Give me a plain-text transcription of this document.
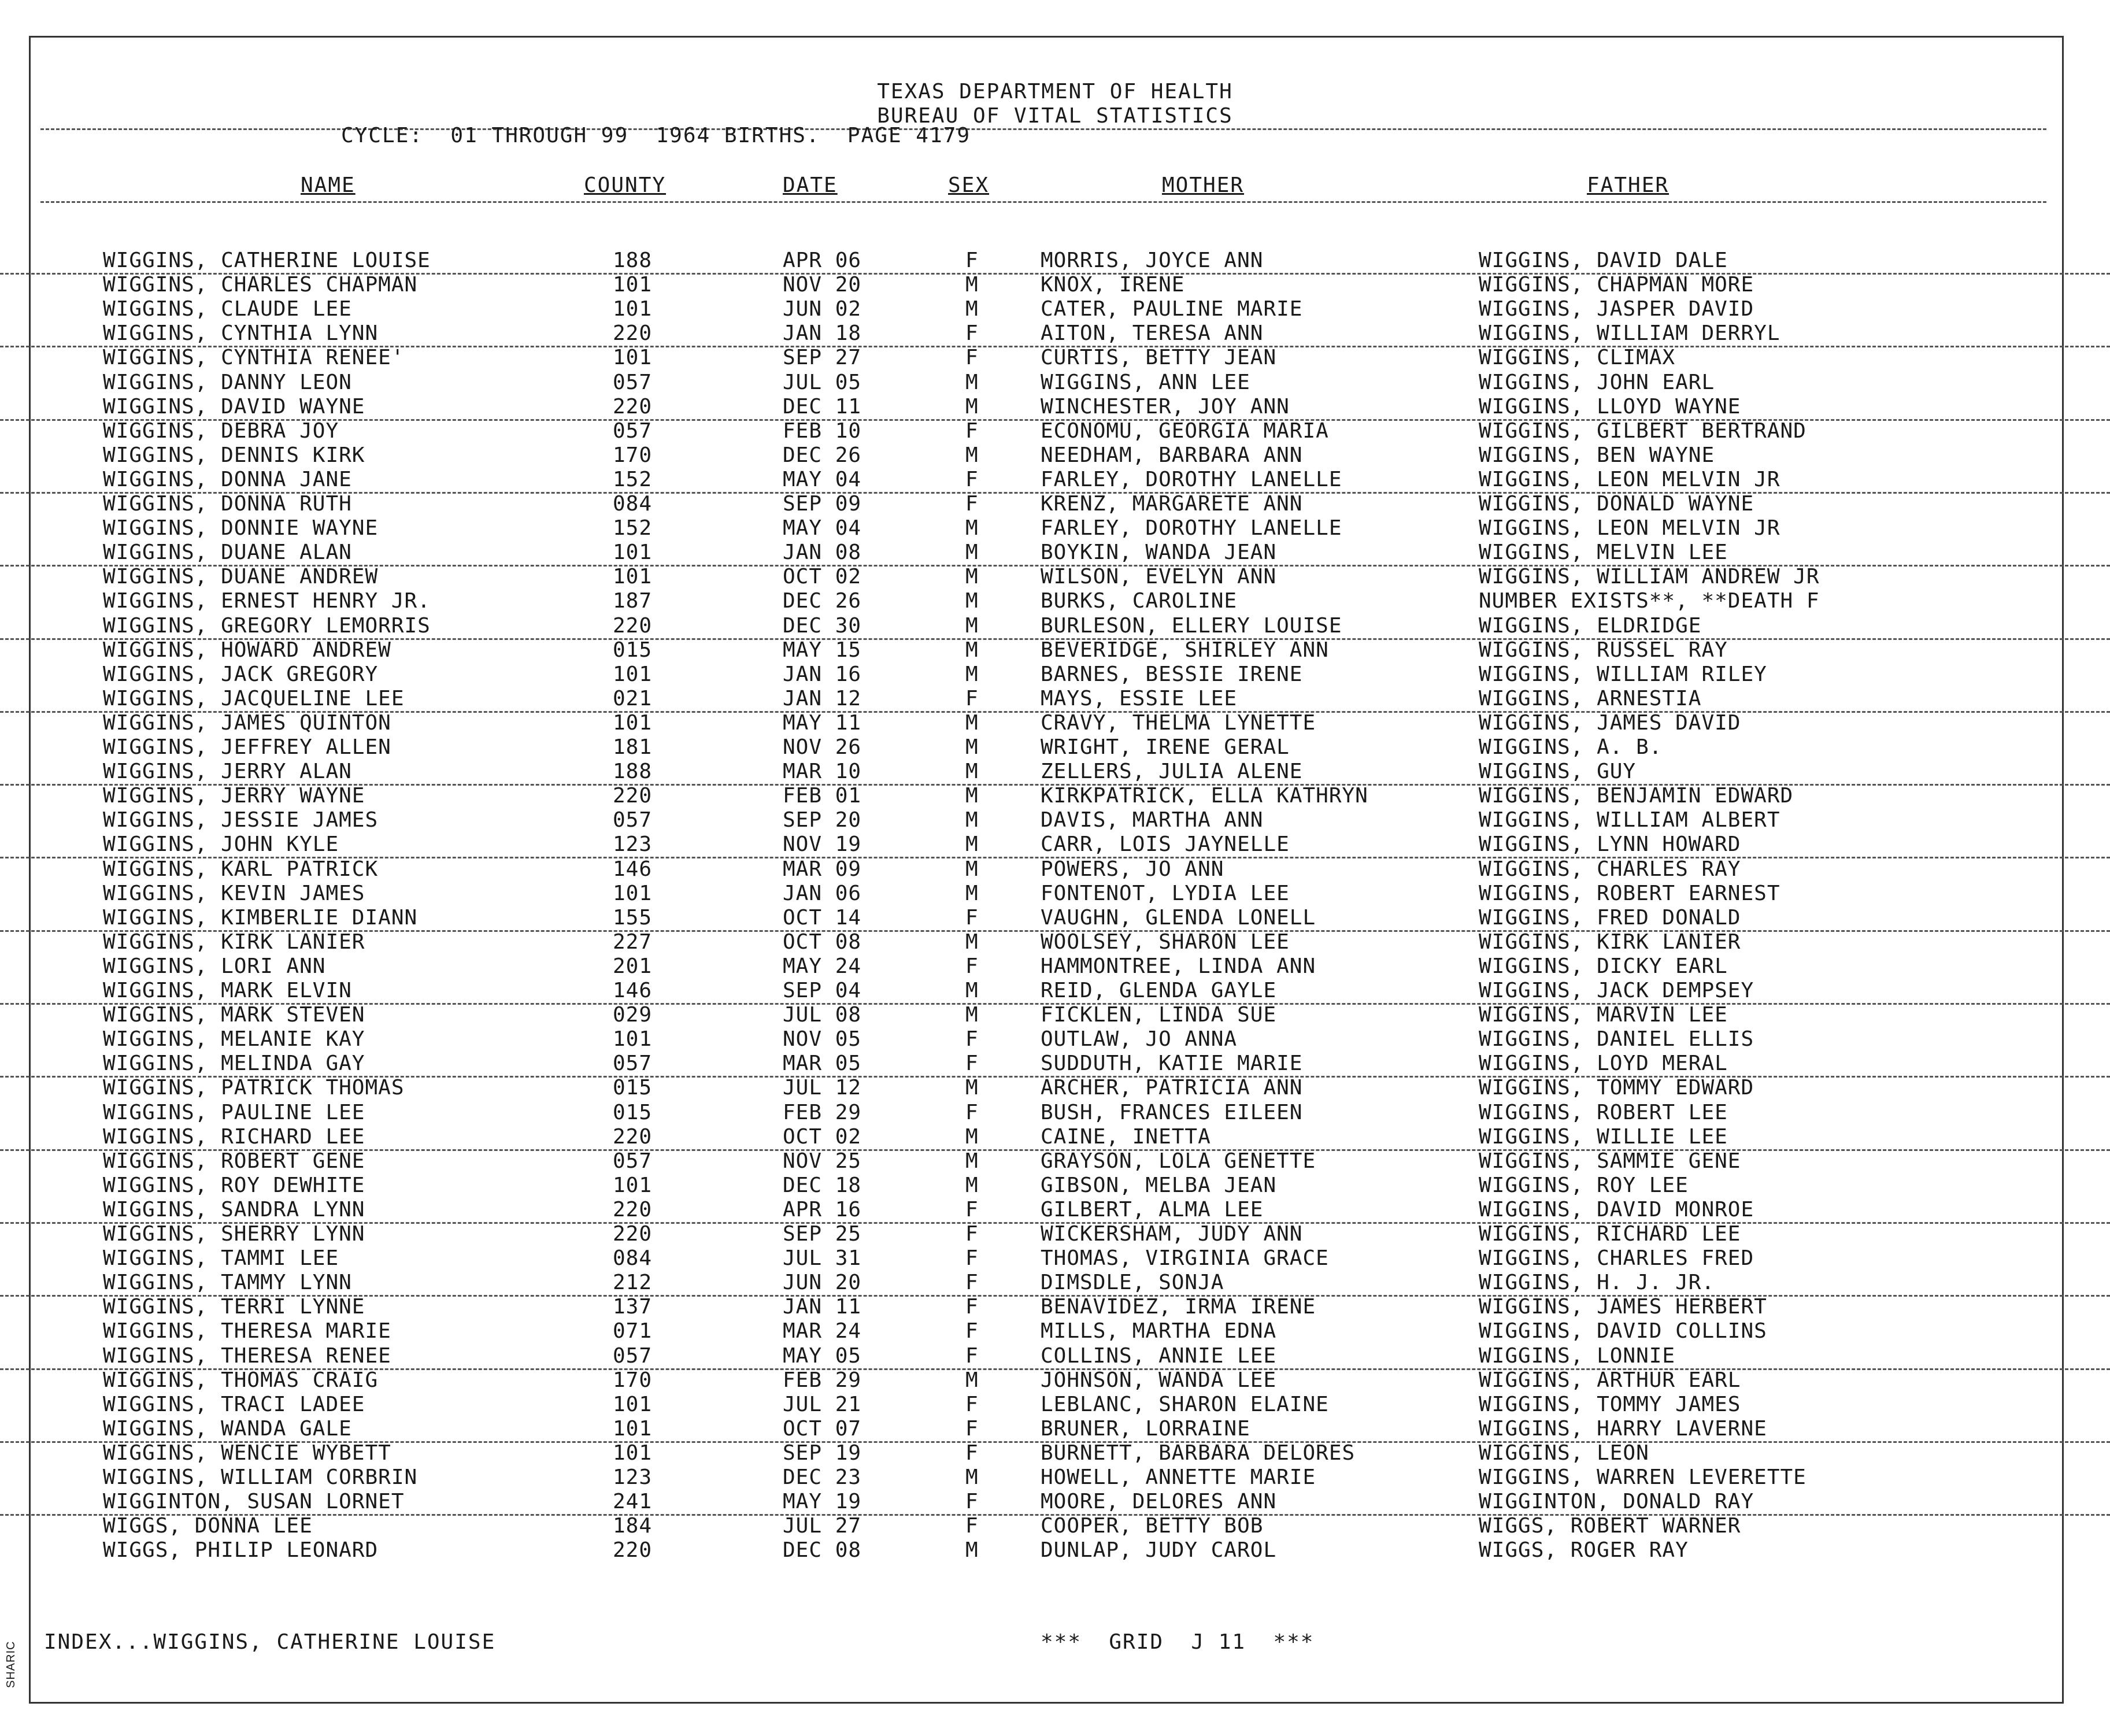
TEXAS DEPARTMENT OF HEALTH
BUREAU OF VITAL STATISTICS
CYCLE:  01 THROUGH 99  1964 BIRTHS.  PAGE 4179
NAME	COUNTY	DATE	SEX	MOTHER	FATHER
WIGGINS, CATHERINE LOUISE	188	APR 06	F	MORRIS, JOYCE ANN	WIGGINS, DAVID DALE
WIGGINS, CHARLES CHAPMAN	101	NOV 20	M	KNOX, IRENE	WIGGINS, CHAPMAN MORE
WIGGINS, CLAUDE LEE	101	JUN 02	M	CATER, PAULINE MARIE	WIGGINS, JASPER DAVID
WIGGINS, CYNTHIA LYNN	220	JAN 18	F	AITON, TERESA ANN	WIGGINS, WILLIAM DERRYL
WIGGINS, CYNTHIA RENEE'	101	SEP 27	F	CURTIS, BETTY JEAN	WIGGINS, CLIMAX
WIGGINS, DANNY LEON	057	JUL 05	M	WIGGINS, ANN LEE	WIGGINS, JOHN EARL
WIGGINS, DAVID WAYNE	220	DEC 11	M	WINCHESTER, JOY ANN	WIGGINS, LLOYD WAYNE
WIGGINS, DEBRA JOY	057	FEB 10	F	ECONOMU, GEORGIA MARIA	WIGGINS, GILBERT BERTRAND
WIGGINS, DENNIS KIRK	170	DEC 26	M	NEEDHAM, BARBARA ANN	WIGGINS, BEN WAYNE
WIGGINS, DONNA JANE	152	MAY 04	F	FARLEY, DOROTHY LANELLE	WIGGINS, LEON MELVIN JR
WIGGINS, DONNA RUTH	084	SEP 09	F	KRENZ, MARGARETE ANN	WIGGINS, DONALD WAYNE
WIGGINS, DONNIE WAYNE	152	MAY 04	M	FARLEY, DOROTHY LANELLE	WIGGINS, LEON MELVIN JR
WIGGINS, DUANE ALAN	101	JAN 08	M	BOYKIN, WANDA JEAN	WIGGINS, MELVIN LEE
WIGGINS, DUANE ANDREW	101	OCT 02	M	WILSON, EVELYN ANN	WIGGINS, WILLIAM ANDREW JR
WIGGINS, ERNEST HENRY JR.	187	DEC 26	M	BURKS, CAROLINE	NUMBER EXISTS**, **DEATH F
WIGGINS, GREGORY LEMORRIS	220	DEC 30	M	BURLESON, ELLERY LOUISE	WIGGINS, ELDRIDGE
WIGGINS, HOWARD ANDREW	015	MAY 15	M	BEVERIDGE, SHIRLEY ANN	WIGGINS, RUSSEL RAY
WIGGINS, JACK GREGORY	101	JAN 16	M	BARNES, BESSIE IRENE	WIGGINS, WILLIAM RILEY
WIGGINS, JACQUELINE LEE	021	JAN 12	F	MAYS, ESSIE LEE	WIGGINS, ARNESTIA
WIGGINS, JAMES QUINTON	101	MAY 11	M	CRAVY, THELMA LYNETTE	WIGGINS, JAMES DAVID
WIGGINS, JEFFREY ALLEN	181	NOV 26	M	WRIGHT, IRENE GERAL	WIGGINS, A. B.
WIGGINS, JERRY ALAN	188	MAR 10	M	ZELLERS, JULIA ALENE	WIGGINS, GUY
WIGGINS, JERRY WAYNE	220	FEB 01	M	KIRKPATRICK, ELLA KATHRYN	WIGGINS, BENJAMIN EDWARD
WIGGINS, JESSIE JAMES	057	SEP 20	M	DAVIS, MARTHA ANN	WIGGINS, WILLIAM ALBERT
WIGGINS, JOHN KYLE	123	NOV 19	M	CARR, LOIS JAYNELLE	WIGGINS, LYNN HOWARD
WIGGINS, KARL PATRICK	146	MAR 09	M	POWERS, JO ANN	WIGGINS, CHARLES RAY
WIGGINS, KEVIN JAMES	101	JAN 06	M	FONTENOT, LYDIA LEE	WIGGINS, ROBERT EARNEST
WIGGINS, KIMBERLIE DIANN	155	OCT 14	F	VAUGHN, GLENDA LONELL	WIGGINS, FRED DONALD
WIGGINS, KIRK LANIER	227	OCT 08	M	WOOLSEY, SHARON LEE	WIGGINS, KIRK LANIER
WIGGINS, LORI ANN	201	MAY 24	F	HAMMONTREE, LINDA ANN	WIGGINS, DICKY EARL
WIGGINS, MARK ELVIN	146	SEP 04	M	REID, GLENDA GAYLE	WIGGINS, JACK DEMPSEY
WIGGINS, MARK STEVEN	029	JUL 08	M	FICKLEN, LINDA SUE	WIGGINS, MARVIN LEE
WIGGINS, MELANIE KAY	101	NOV 05	F	OUTLAW, JO ANNA	WIGGINS, DANIEL ELLIS
WIGGINS, MELINDA GAY	057	MAR 05	F	SUDDUTH, KATIE MARIE	WIGGINS, LOYD MERAL
WIGGINS, PATRICK THOMAS	015	JUL 12	M	ARCHER, PATRICIA ANN	WIGGINS, TOMMY EDWARD
WIGGINS, PAULINE LEE	015	FEB 29	F	BUSH, FRANCES EILEEN	WIGGINS, ROBERT LEE
WIGGINS, RICHARD LEE	220	OCT 02	M	CAINE, INETTA	WIGGINS, WILLIE LEE
WIGGINS, ROBERT GENE	057	NOV 25	M	GRAYSON, LOLA GENETTE	WIGGINS, SAMMIE GENE
WIGGINS, ROY DEWHITE	101	DEC 18	M	GIBSON, MELBA JEAN	WIGGINS, ROY LEE
WIGGINS, SANDRA LYNN	220	APR 16	F	GILBERT, ALMA LEE	WIGGINS, DAVID MONROE
WIGGINS, SHERRY LYNN	220	SEP 25	F	WICKERSHAM, JUDY ANN	WIGGINS, RICHARD LEE
WIGGINS, TAMMI LEE	084	JUL 31	F	THOMAS, VIRGINIA GRACE	WIGGINS, CHARLES FRED
WIGGINS, TAMMY LYNN	212	JUN 20	F	DIMSDLE, SONJA	WIGGINS, H. J. JR.
WIGGINS, TERRI LYNNE	137	JAN 11	F	BENAVIDEZ, IRMA IRENE	WIGGINS, JAMES HERBERT
WIGGINS, THERESA MARIE	071	MAR 24	F	MILLS, MARTHA EDNA	WIGGINS, DAVID COLLINS
WIGGINS, THERESA RENEE	057	MAY 05	F	COLLINS, ANNIE LEE	WIGGINS, LONNIE
WIGGINS, THOMAS CRAIG	170	FEB 29	M	JOHNSON, WANDA LEE	WIGGINS, ARTHUR EARL
WIGGINS, TRACI LADEE	101	JUL 21	F	LEBLANC, SHARON ELAINE	WIGGINS, TOMMY JAMES
WIGGINS, WANDA GALE	101	OCT 07	F	BRUNER, LORRAINE	WIGGINS, HARRY LAVERNE
WIGGINS, WENCIE WYBETT	101	SEP 19	F	BURNETT, BARBARA DELORES	WIGGINS, LEON
WIGGINS, WILLIAM CORBRIN	123	DEC 23	M	HOWELL, ANNETTE MARIE	WIGGINS, WARREN LEVERETTE
WIGGINTON, SUSAN LORNET	241	MAY 19	F	MOORE, DELORES ANN	WIGGINTON, DONALD RAY
WIGGS, DONNA LEE	184	JUL 27	F	COOPER, BETTY BOB	WIGGS, ROBERT WARNER
WIGGS, PHILIP LEONARD	220	DEC 08	M	DUNLAP, JUDY CAROL	WIGGS, ROGER RAY
INDEX...WIGGINS, CATHERINE LOUISE	***  GRID  J 11  ***
SHARIC
